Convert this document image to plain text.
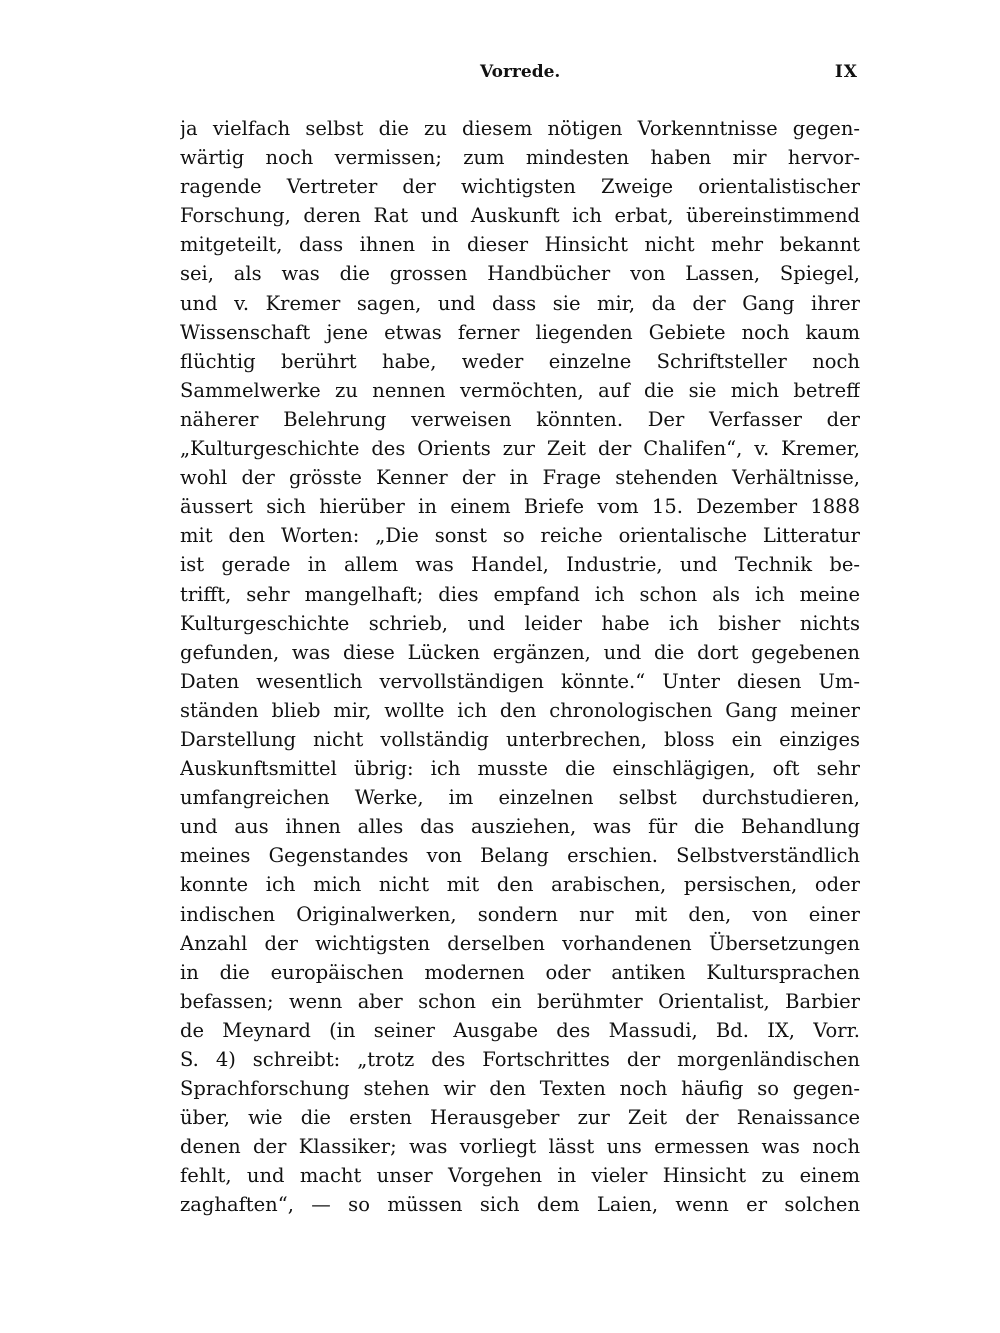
Vorrede.	IX
ja vielfach selbst die zu diesem nötigen Vorkenntnisse gegen-
wärtig noch vermissen; zum mindesten haben mir hervor-
ragende Vertreter der wichtigsten Zweige orientalistischer
Forschung, deren Rat und Auskunft ich erbat, übereinstimmend
mitgeteilt, dass ihnen in dieser Hinsicht nicht mehr bekannt
sei, als was die grossen Handbücher von Lassen, Spiegel,
und v. Kremer sagen, und dass sie mir, da der Gang ihrer
Wissenschaft jene etwas ferner liegenden Gebiete noch kaum
flüchtig berührt habe, weder einzelne Schriftsteller noch
Sammelwerke zu nennen vermöchten, auf die sie mich betreff
näherer Belehrung verweisen könnten. Der Verfasser der
„Kulturgeschichte des Orients zur Zeit der Chalifen“, v. Kremer,
wohl der grösste Kenner der in Frage stehenden Verhältnisse,
äussert sich hierüber in einem Briefe vom 15. Dezember 1888
mit den Worten: „Die sonst so reiche orientalische Litteratur
ist gerade in allem was Handel, Industrie, und Technik be-
trifft, sehr mangelhaft; dies empfand ich schon als ich meine
Kulturgeschichte schrieb, und leider habe ich bisher nichts
gefunden, was diese Lücken ergänzen, und die dort gegebenen
Daten wesentlich vervollständigen könnte.“ Unter diesen Um-
ständen blieb mir, wollte ich den chronologischen Gang meiner
Darstellung nicht vollständig unterbrechen, bloss ein einziges
Auskunftsmittel übrig: ich musste die einschlägigen, oft sehr
umfangreichen Werke, im einzelnen selbst durchstudieren,
und aus ihnen alles das ausziehen, was für die Behandlung
meines Gegenstandes von Belang erschien. Selbstverständlich
konnte ich mich nicht mit den arabischen, persischen, oder
indischen Originalwerken, sondern nur mit den, von einer
Anzahl der wichtigsten derselben vorhandenen Übersetzungen
in die europäischen modernen oder antiken Kultursprachen
befassen; wenn aber schon ein berühmter Orientalist, Barbier
de Meynard (in seiner Ausgabe des Massudi, Bd. IX, Vorr.
S. 4) schreibt: „trotz des Fortschrittes der morgenländischen
Sprachforschung stehen wir den Texten noch häufig so gegen-
über, wie die ersten Herausgeber zur Zeit der Renaissance
denen der Klassiker; was vorliegt lässt uns ermessen was noch
fehlt, und macht unser Vorgehen in vieler Hinsicht zu einem
zaghaften“, — so müssen sich dem Laien, wenn er solchen
